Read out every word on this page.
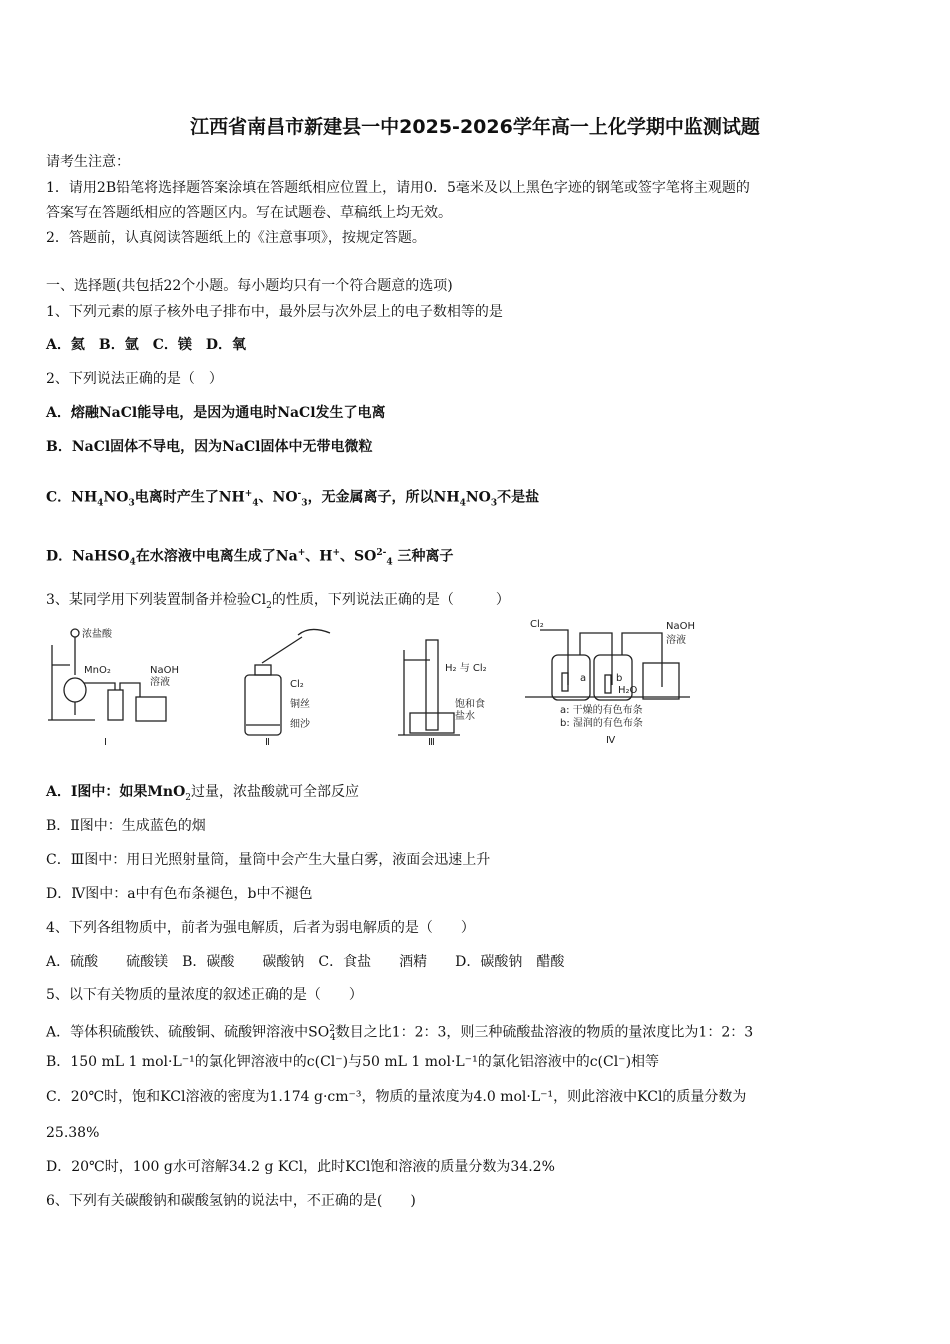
江西省南昌市新建县一中2025-2026学年高一上化学期中监测试题
请考生注意：
1．请用2B铅笔将选择题答案涂填在答题纸相应位置上，请用0．5毫米及以上黑色字迹的钢笔或签字笔将主观题的
答案写在答题纸相应的答题区内。写在试题卷、草稿纸上均无效。
2．答题前，认真阅读答题纸上的《注意事项》，按规定答题。
一、选择题(共包括22个小题。每小题均只有一个符合题意的选项)
1、下列元素的原子核外电子排布中，最外层与次外层上的电子数相等的是
A．氦　B．氩　C．镁　D．氧
2、下列说法正确的是（　）
A．熔融NaCl能导电，是因为通电时NaCl发生了电离
B．NaCl固体不导电，因为NaCl固体中无带电微粒
C．$NH_4NO_3$电离时产生了$NH^+_4$、$NO^-_3$，无金属离子，所以$NH_4NO_3$不是盐
D．NaHSO$_4$在水溶液中电离生成了Na+、H+、$SO^{2-}_4$ 三种离子
3、某同学用下列装置制备并检验$Cl_2$的性质，下列说法正确的是（　　　）
浓盐酸
MnO₂	NaOH
溶液
Ⅰ
Cl₂
铜丝
细沙
Ⅱ
H₂ 与 Cl₂
饱和食
盐水
Ⅲ
Cl₂	NaOH
溶液
a	b
H₂O
a: 干燥的有色布条
b: 湿润的有色布条
Ⅳ
A．Ⅰ图中：如果MnO$_2$过量，浓盐酸就可全部反应
B．Ⅱ图中：生成蓝色的烟
C．Ⅲ图中：用日光照射量筒，量筒中会产生大量白雾，液面会迅速上升
D．Ⅳ图中：a中有色布条褪色，b中不褪色
4、下列各组物质中，前者为强电解质，后者为弱电解质的是（　　）
A．硫酸　　硫酸镁　B．碳酸　　碳酸钠　C．食盐　　酒精　　D．碳酸钠　醋酸
5、以下有关物质的量浓度的叙述正确的是（　　）
A．等体积硫酸铁、硫酸铜、硫酸钾溶液中$SO^{2-}_4$数目之比1：2：3，则三种硫酸盐溶液的物质的量浓度比为1：2：3
B．150 mL 1 mol·L⁻¹的氯化钾溶液中的c(Cl⁻)与50 mL 1 mol·L⁻¹的氯化铝溶液中的c(Cl⁻)相等
C．20℃时，饱和KCl溶液的密度为1.174 g·cm⁻³，物质的量浓度为4.0 mol·L⁻¹，则此溶液中KCl的质量分数为
25.38%
D．20℃时，100 g水可溶解34.2 g KCl，此时KCl饱和溶液的质量分数为34.2%
6、下列有关碳酸钠和碳酸氢钠的说法中，不正确的是(　　)
